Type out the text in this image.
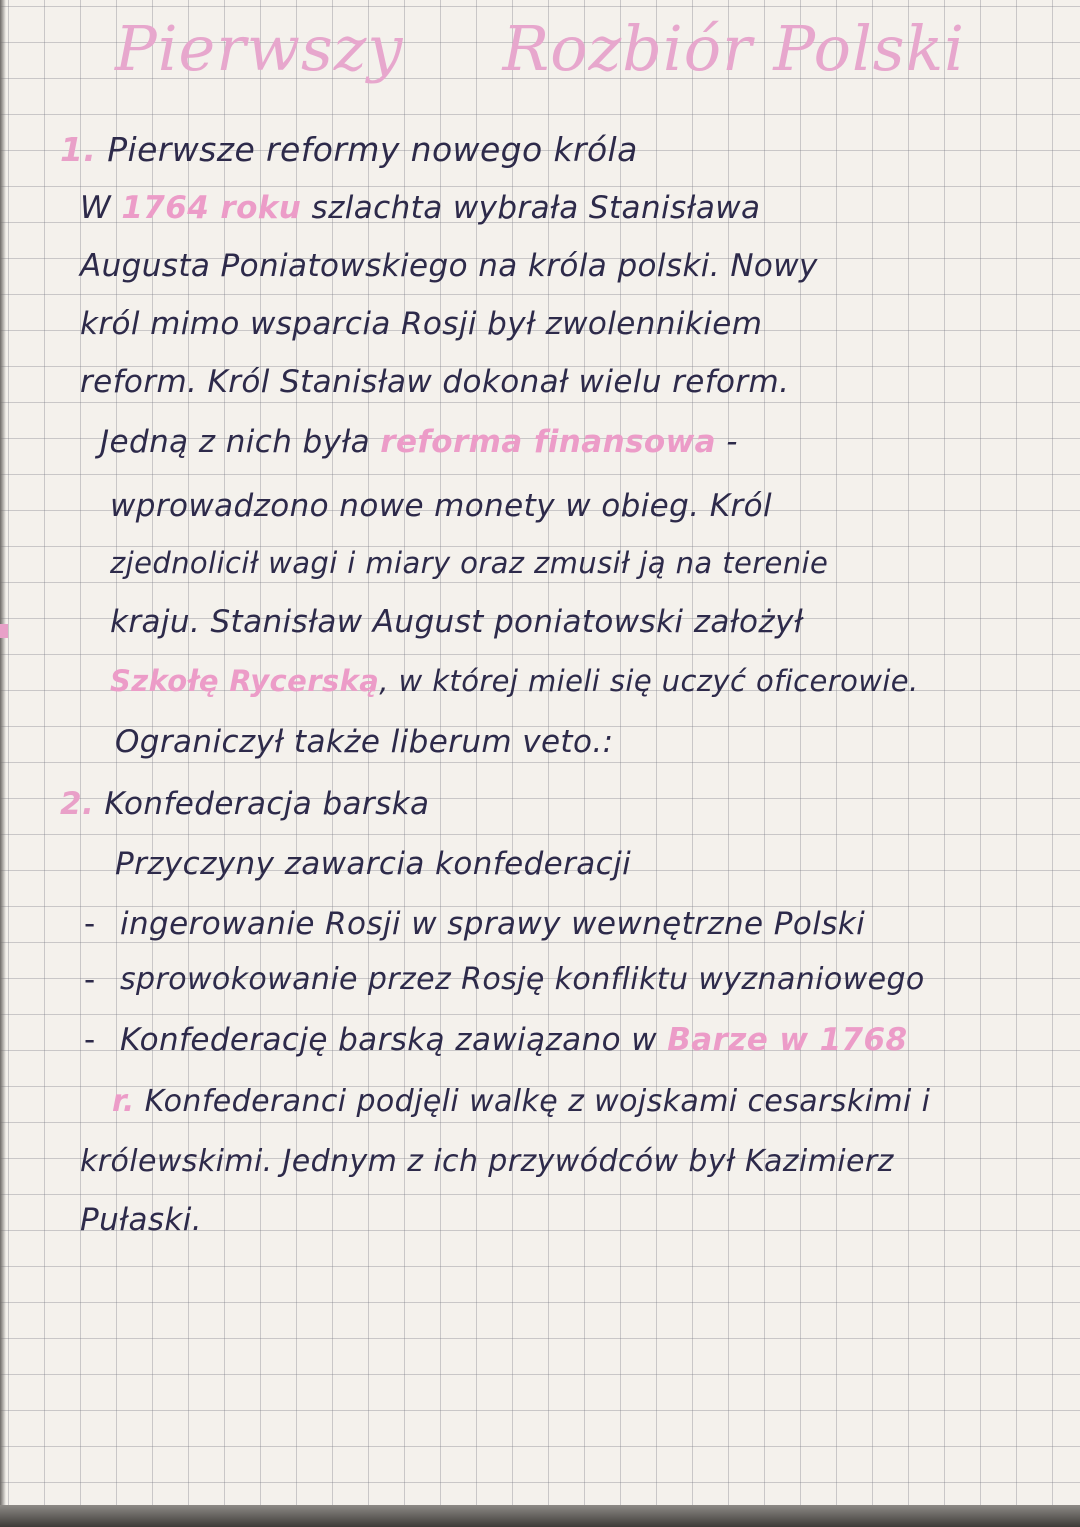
Pierwszy Rozbiór Polski
1. Pierwsze reformy nowego króla
W 1764 roku szlachta wybrała Stanisława
Augusta Poniatowskiego na króla polski. Nowy
król mimo wsparcia Rosji był zwolennikiem
reform. Król Stanisław dokonał wielu reform.
Jedną z nich była reforma finansowa -
wprowadzono nowe monety w obieg. Król
zjednolicił wagi i miary oraz zmusił ją na terenie
kraju. Stanisław August poniatowski założył
Szkołę Rycerską, w której mieli się uczyć oficerowie.
Ograniczył także liberum veto.:
2. Konfederacja barska
Przyczyny zawarcia konfederacji
- ingerowanie Rosji w sprawy wewnętrzne Polski
- sprowokowanie przez Rosję konfliktu wyznaniowego
- Konfederację barską zawiązano w Barze w 1768
r. Konfederanci podjęli walkę z wojskami cesarskimi i
królewskimi. Jednym z ich przywódców był Kazimierz
Pułaski.
